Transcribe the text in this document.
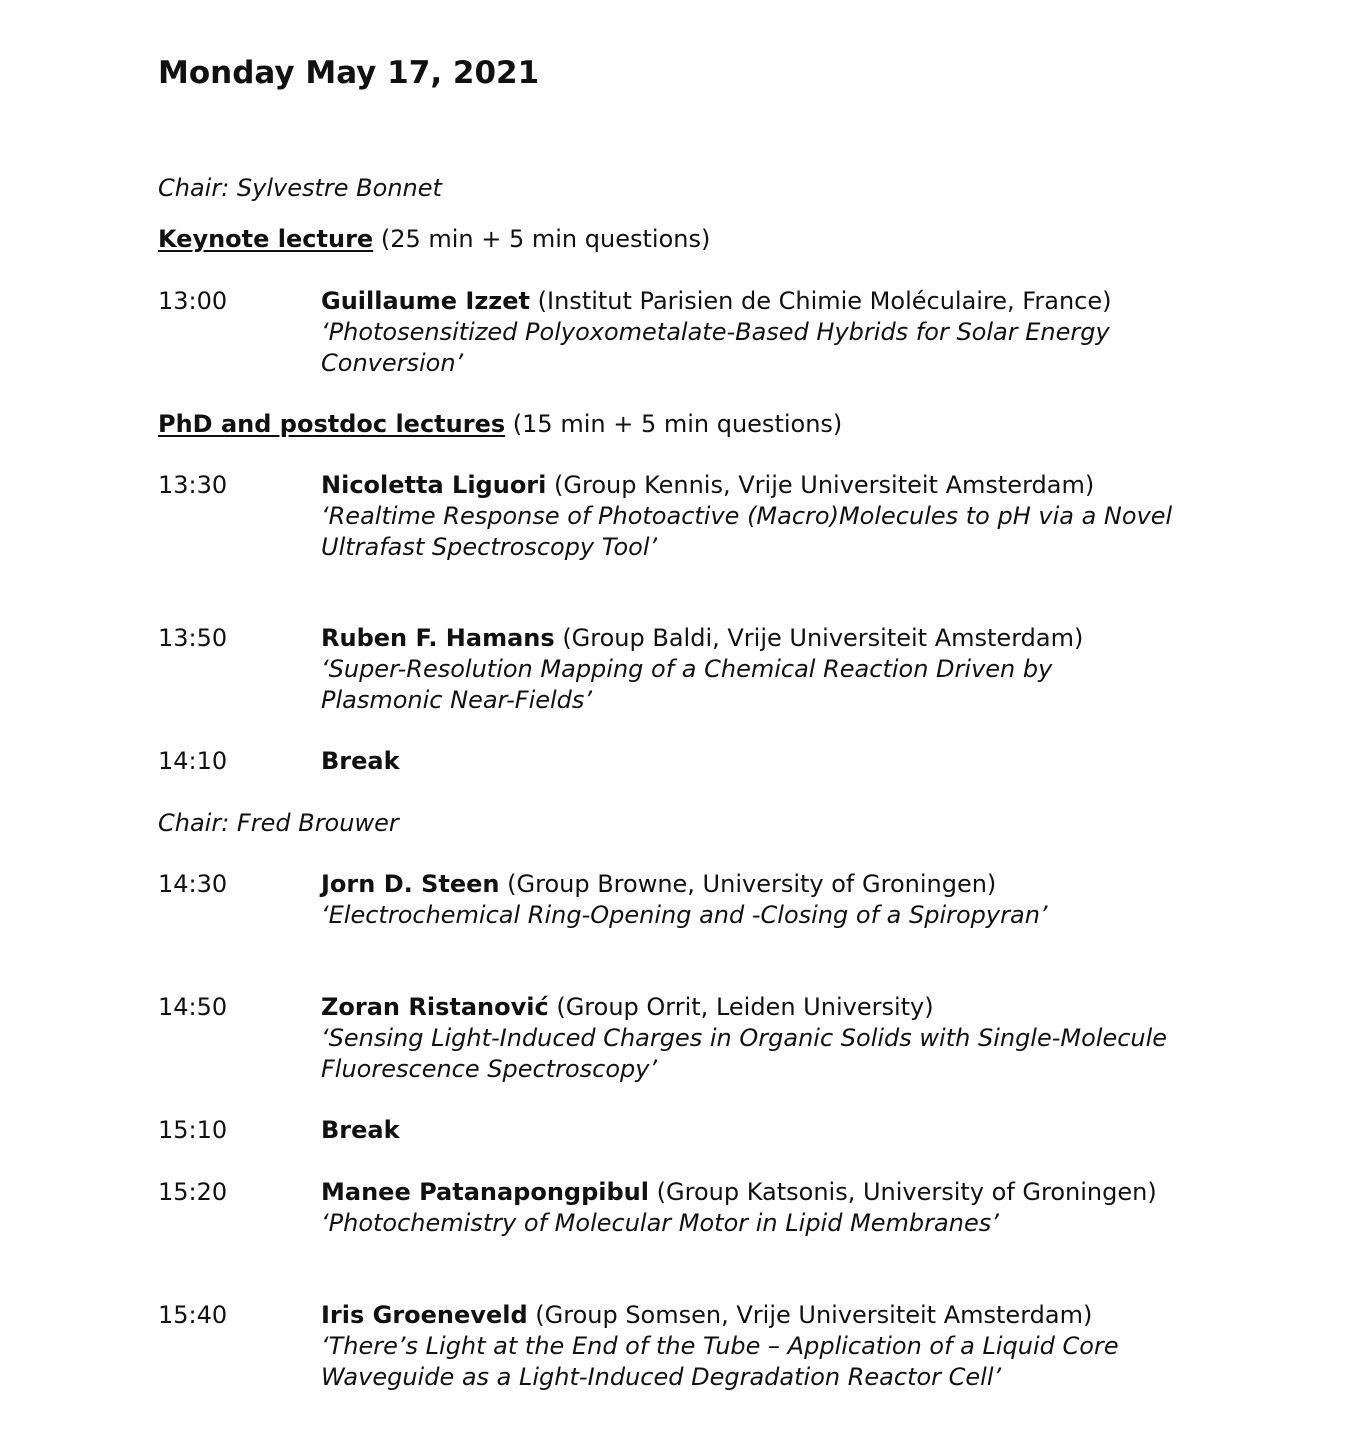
Monday May 17, 2021
Chair: Sylvestre Bonnet
Keynote lecture (25 min + 5 min questions)
13:00	Guillaume Izzet (Institut Parisien de Chimie Moléculaire, France)
‘Photosensitized Polyoxometalate-Based Hybrids for Solar Energy Conversion’
PhD and postdoc lectures (15 min + 5 min questions)
13:30	Nicoletta Liguori (Group Kennis, Vrije Universiteit Amsterdam)
‘Realtime Response of Photoactive (Macro)Molecules to pH via a Novel Ultrafast Spectroscopy Tool’
13:50	Ruben F. Hamans (Group Baldi, Vrije Universiteit Amsterdam)
‘Super-Resolution Mapping of a Chemical Reaction Driven by Plasmonic Near-Fields’
14:10	Break
Chair: Fred Brouwer
14:30	Jorn D. Steen (Group Browne, University of Groningen)
‘Electrochemical Ring-Opening and -Closing of a Spiropyran’
14:50	Zoran Ristanović (Group Orrit, Leiden University)
‘Sensing Light-Induced Charges in Organic Solids with Single-Molecule Fluorescence Spectroscopy’
15:10	Break
15:20	Manee Patanapongpibul (Group Katsonis, University of Groningen)
‘Photochemistry of Molecular Motor in Lipid Membranes’
15:40	Iris Groeneveld (Group Somsen, Vrije Universiteit Amsterdam)
‘There’s Light at the End of the Tube – Application of a Liquid Core Waveguide as a Light-Induced Degradation Reactor Cell’
